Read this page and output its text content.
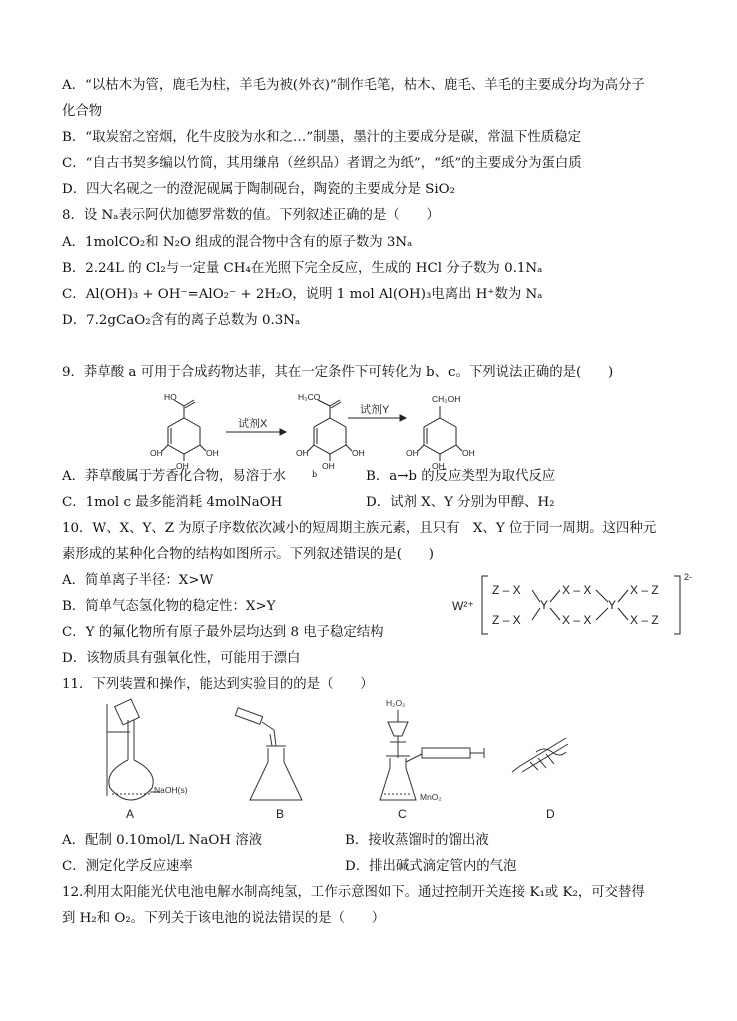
A．“以枯木为管，鹿毛为柱，羊毛为被(外衣)”制作毛笔，枯木、鹿毛、羊毛的主要成分均为高分子
化合物
B．“取炭窑之窑烟，化牛皮胶为水和之…”制墨，墨汁的主要成分是碳，常温下性质稳定
C．“自古书契多编以竹简，其用缣帛（丝织品）者谓之为纸”，“纸”的主要成分为蛋白质
D．四大名砚之一的澄泥砚属于陶制砚台，陶瓷的主要成分是 SiO₂
8．设 Nₐ表示阿伏加德罗常数的值。下列叙述正确的是（　　）
A．1molCO₂和 N₂O 组成的混合物中含有的原子数为 3Nₐ
B．2.24L 的 Cl₂与一定量 CH₄在光照下完全反应，生成的 HCl 分子数为 0.1Nₐ
C．Al(OH)₃ + OH⁻=AlO₂⁻ + 2H₂O，说明 1 mol Al(OH)₃电离出 H⁺数为 Nₐ
D．7.2gCaO₂含有的离子总数为 0.3Nₐ
9．莽草酸 a 可用于合成药物达菲，其在一定条件下可转化为 b、c。下列说法正确的是(　　)
HO
OH
OH
OH
H₃CO
OH
OH
OH
CH₂OH
OH
OH
OH
试剂X
试剂Y
A．莽草酸属于芳香化合物，易溶于水	b	B．a→b 的反应类型为取代反应
C．1mol c 最多能消耗 4molNaOH	D．试剂 X、Y 分别为甲醇、H₂
10．W、X、Y、Z 为原子序数依次减小的短周期主族元素，且只有　X、Y 位于同一周期。这四种元
素形成的某种化合物的结构如图所示。下列叙述错误的是(　　)
A．简单离子半径：X>W
B．简单气态氢化物的稳定性：X>Y
C．Y 的氟化物所有原子最外层均达到 8 电子稳定结构
D．该物质具有强氧化性，可能用于漂白
W²⁺
2-
Z – X
Z – X
Y
X – X
X – X
Y
X – Z
X – Z
11．下列装置和操作，能达到实验目的的是（　　）
NaOH(s)
H₂O₂
MnO₂
A	B	C	D
A．配制 0.10mol/L NaOH 溶液	B．接收蒸馏时的馏出液
C．测定化学反应速率	D．排出碱式滴定管内的气泡
12.利用太阳能光伏电池电解水制高纯氢，工作示意图如下。通过控制开关连接 K₁或 K₂，可交替得
到 H₂和 O₂。下列关于该电池的说法错误的是（　　）
